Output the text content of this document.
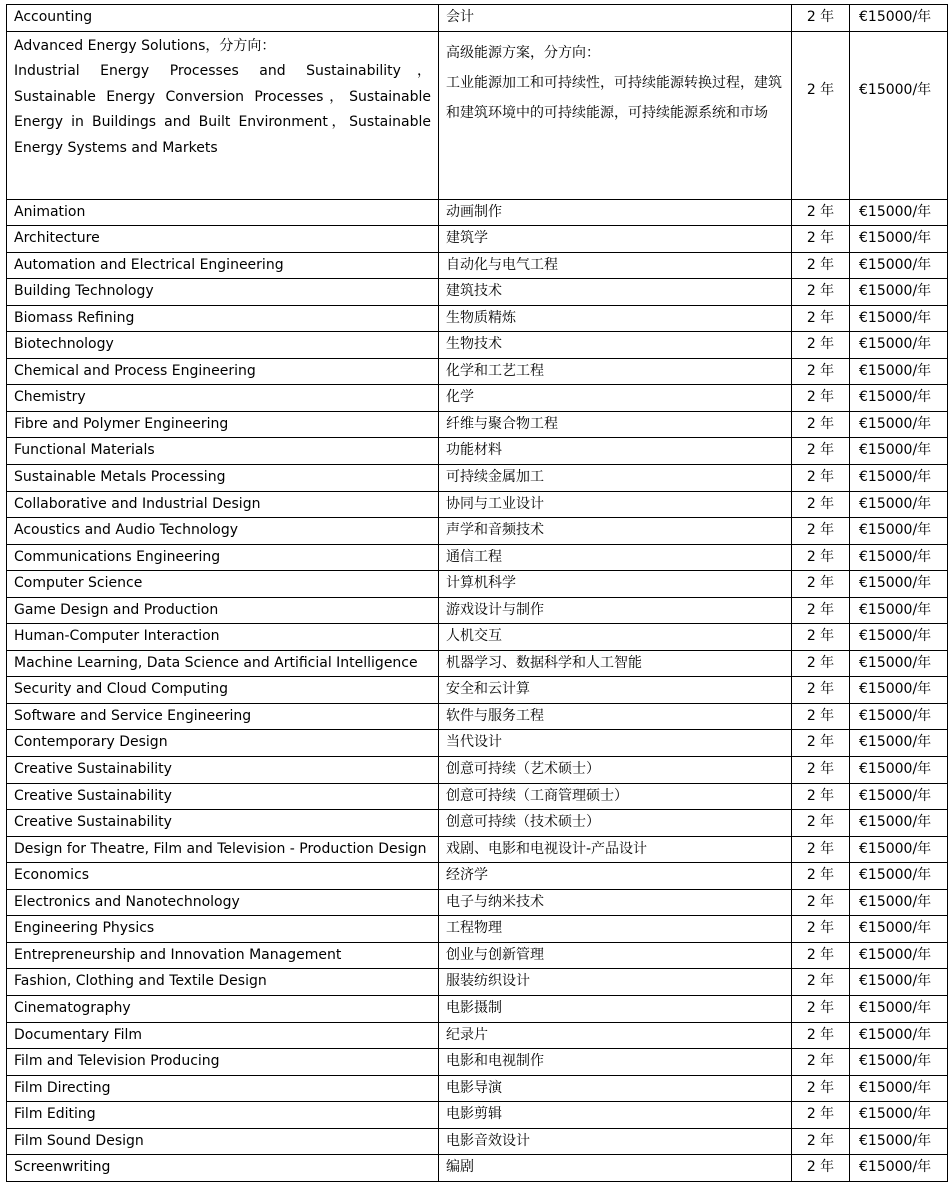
Accounting	会计	2 年	€15000/年

Advanced Energy Solutions，分方向：
Industrial Energy Processes and Sustainability，Sustainable Energy Conversion Processes，Sustainable Energy in Buildings and Built Environment，Sustainable Energy Systems and Markets	高级能源方案，分方向：
工业能源加工和可持续性，可持续能源转换过程，建筑和建筑环境中的可持续能源，可持续能源系统和市场	2 年	€15000/年

Animation	动画制作	2 年	€15000/年

Architecture	建筑学	2 年	€15000/年

Automation and Electrical Engineering	自动化与电气工程	2 年	€15000/年

Building Technology	建筑技术	2 年	€15000/年

Biomass Refining	生物质精炼	2 年	€15000/年

Biotechnology	生物技术	2 年	€15000/年

Chemical and Process Engineering	化学和工艺工程	2 年	€15000/年

Chemistry	化学	2 年	€15000/年

Fibre and Polymer Engineering	纤维与聚合物工程	2 年	€15000/年

Functional Materials	功能材料	2 年	€15000/年

Sustainable Metals Processing	可持续金属加工	2 年	€15000/年

Collaborative and Industrial Design	协同与工业设计	2 年	€15000/年

Acoustics and Audio Technology	声学和音频技术	2 年	€15000/年

Communications Engineering	通信工程	2 年	€15000/年

Computer Science	计算机科学	2 年	€15000/年

Game Design and Production	游戏设计与制作	2 年	€15000/年

Human-Computer Interaction	人机交互	2 年	€15000/年

Machine Learning, Data Science and Artificial Intelligence	机器学习、数据科学和人工智能	2 年	€15000/年

Security and Cloud Computing	安全和云计算	2 年	€15000/年

Software and Service Engineering	软件与服务工程	2 年	€15000/年

Contemporary Design	当代设计	2 年	€15000/年

Creative Sustainability	创意可持续（艺术硕士）	2 年	€15000/年

Creative Sustainability	创意可持续（工商管理硕士）	2 年	€15000/年

Creative Sustainability	创意可持续（技术硕士）	2 年	€15000/年

Design for Theatre, Film and Television - Production Design	戏剧、电影和电视设计-产品设计	2 年	€15000/年

Economics	经济学	2 年	€15000/年

Electronics and Nanotechnology	电子与纳米技术	2 年	€15000/年

Engineering Physics	工程物理	2 年	€15000/年

Entrepreneurship and Innovation Management	创业与创新管理	2 年	€15000/年

Fashion, Clothing and Textile Design	服装纺织设计	2 年	€15000/年

Cinematography	电影摄制	2 年	€15000/年

Documentary Film	纪录片	2 年	€15000/年

Film and Television Producing	电影和电视制作	2 年	€15000/年

Film Directing	电影导演	2 年	€15000/年

Film Editing	电影剪辑	2 年	€15000/年

Film Sound Design	电影音效设计	2 年	€15000/年

Screenwriting	编剧	2 年	€15000/年
